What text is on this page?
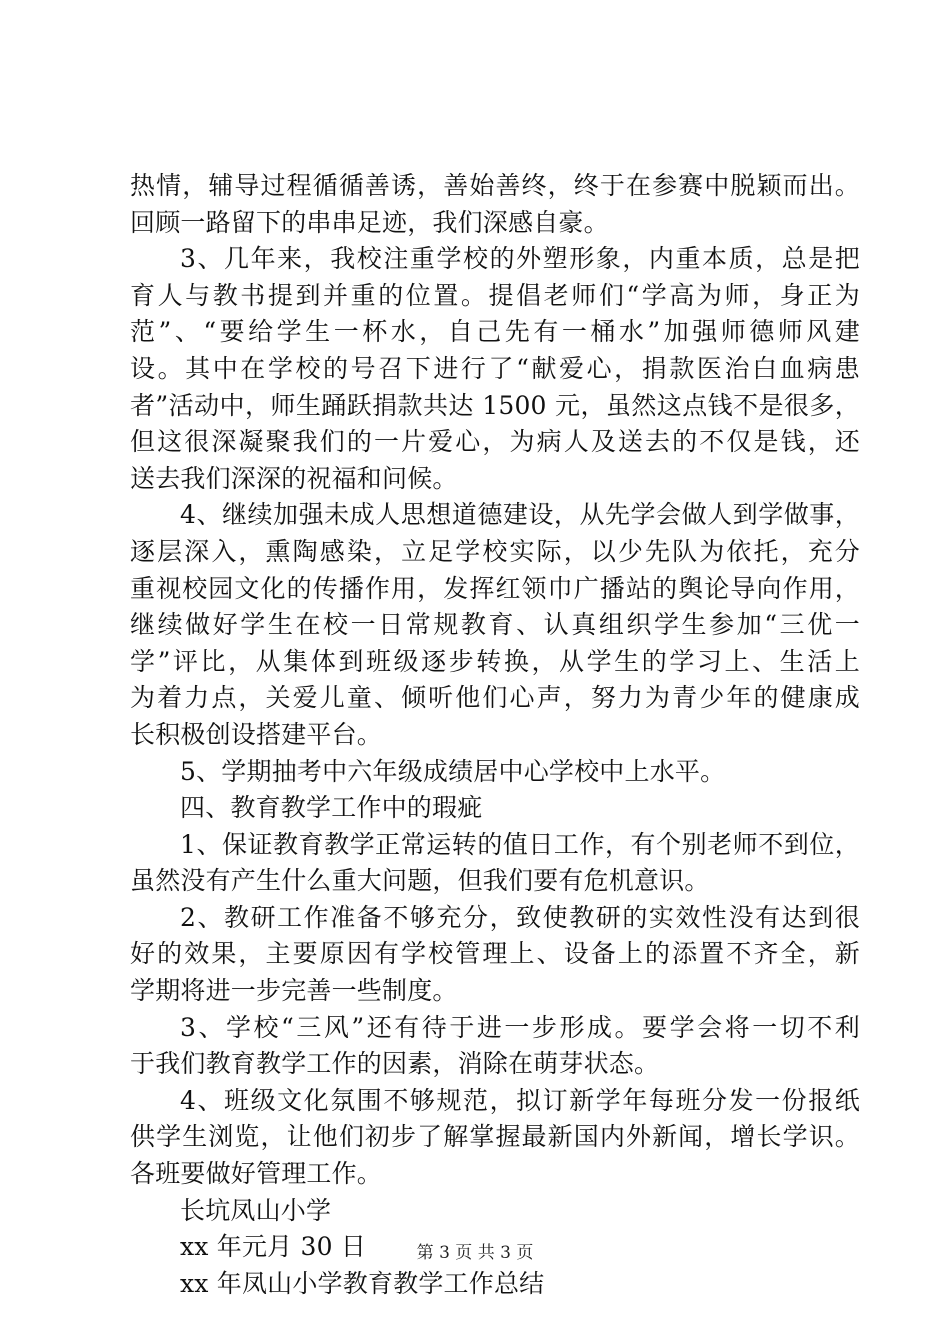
热情，辅导过程循循善诱，善始善终，终于在参赛中脱颖而出。
回顾一路留下的串串足迹，我们深感自豪。
3、几年来，我校注重学校的外塑形象，内重本质，总是把
育人与教书提到并重的位置。提倡老师们“学高为师，身正为
范”、“要给学生一杯水，自己先有一桶水”加强师德师风建
设。其中在学校的号召下进行了“献爱心，捐款医治白血病患
者”活动中，师生踊跃捐款共达 1500 元，虽然这点钱不是很多，
但这很深凝聚我们的一片爱心，为病人及送去的不仅是钱，还
送去我们深深的祝福和问候。
4、继续加强未成人思想道德建设，从先学会做人到学做事，
逐层深入，熏陶感染，立足学校实际，以少先队为依托，充分
重视校园文化的传播作用，发挥红领巾广播站的舆论导向作用，
继续做好学生在校一日常规教育、认真组织学生参加“三优一
学”评比，从集体到班级逐步转换，从学生的学习上、生活上
为着力点，关爱儿童、倾听他们心声，努力为青少年的健康成
长积极创设搭建平台。
5、学期抽考中六年级成绩居中心学校中上水平。
四、教育教学工作中的瑕疵
1、保证教育教学正常运转的值日工作，有个别老师不到位，
虽然没有产生什么重大问题，但我们要有危机意识。
2、教研工作准备不够充分，致使教研的实效性没有达到很
好的效果，主要原因有学校管理上、设备上的添置不齐全，新
学期将进一步完善一些制度。
3、学校“三风”还有待于进一步形成。要学会将一切不利
于我们教育教学工作的因素，消除在萌芽状态。
4、班级文化氛围不够规范，拟订新学年每班分发一份报纸
供学生浏览，让他们初步了解掌握最新国内外新闻，增长学识。
各班要做好管理工作。
长坑凤山小学
xx 年元月 30 日
xx 年凤山小学教育教学工作总结
第 3 页 共 3 页
